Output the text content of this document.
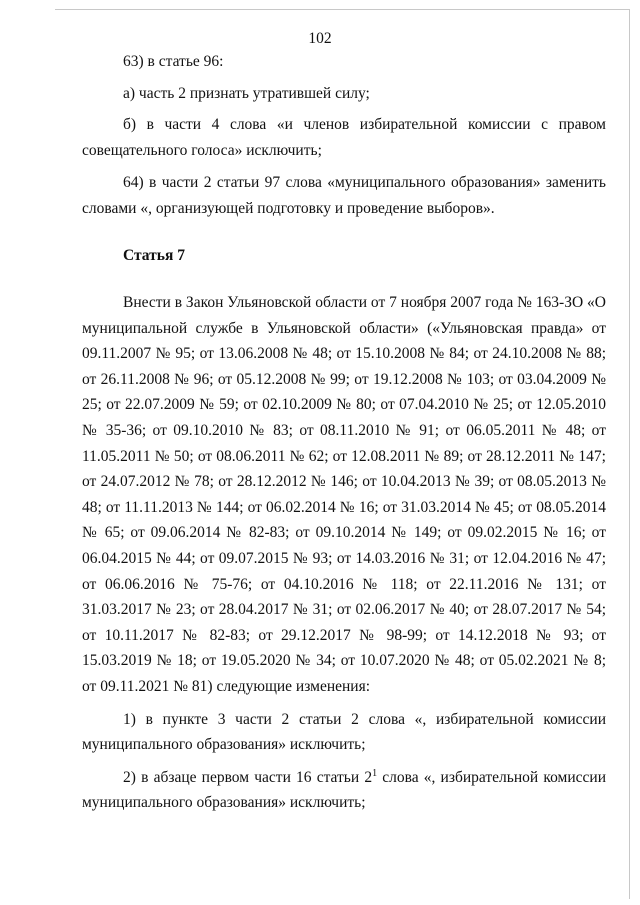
102

63) в статье 96:

а) часть 2 признать утратившей силу;

б) в части 4 слова «и членов избирательной комиссии с правом совещательного голоса» исключить;

64) в части 2 статьи 97 слова «муниципального образования» заменить словами «, организующей подготовку и проведение выборов».

Статья 7

Внести в Закон Ульяновской области от 7 ноября 2007 года № 163-ЗО «О муниципальной службе в Ульяновской области» («Ульяновская правда» от 09.11.2007 № 95; от 13.06.2008 № 48; от 15.10.2008 № 84; от 24.10.2008 № 88; от 26.11.2008 № 96; от 05.12.2008 № 99; от 19.12.2008 № 103; от 03.04.2009 № 25; от 22.07.2009 № 59; от 02.10.2009 № 80; от 07.04.2010 № 25; от 12.05.2010 № 35-36; от 09.10.2010 № 83; от 08.11.2010 № 91; от 06.05.2011 № 48; от 11.05.2011 № 50; от 08.06.2011 № 62; от 12.08.2011 № 89; от 28.12.2011 № 147; от 24.07.2012 № 78; от 28.12.2012 № 146; от 10.04.2013 № 39; от 08.05.2013 № 48; от 11.11.2013 № 144; от 06.02.2014 № 16; от 31.03.2014 № 45; от 08.05.2014 № 65; от 09.06.2014 № 82-83; от 09.10.2014 № 149; от 09.02.2015 № 16; от 06.04.2015 № 44; от 09.07.2015 № 93; от 14.03.2016 № 31; от 12.04.2016 № 47; от 06.06.2016 № 75-76; от 04.10.2016 № 118; от 22.11.2016 № 131; от 31.03.2017 № 23; от 28.04.2017 № 31; от 02.06.2017 № 40; от 28.07.2017 № 54; от 10.11.2017 № 82-83; от 29.12.2017 № 98-99; от 14.12.2018 № 93; от 15.03.2019 № 18; от 19.05.2020 № 34; от 10.07.2020 № 48; от 05.02.2021 № 8; от 09.11.2021 № 81) следующие изменения:

1) в пункте 3 части 2 статьи 2 слова «, избирательной комиссии муниципального образования» исключить;

2) в абзаце первом части 16 статьи $2^1$ слова «, избирательной комиссии муниципального образования» исключить;
